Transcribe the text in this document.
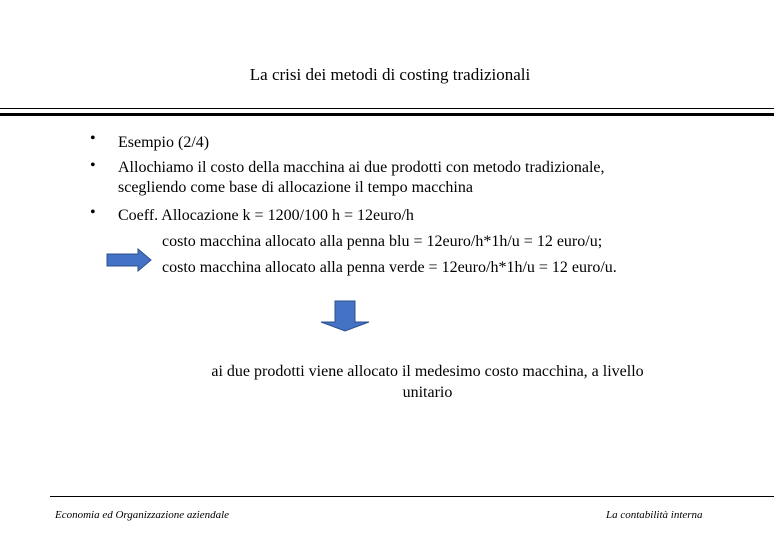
La crisi dei metodi di costing tradizionali
• Esempio (2/4)
• Allochiamo il costo della macchina ai due prodotti con metodo tradizionale,
scegliendo come base di allocazione il tempo macchina
• Coeff. Allocazione k = 1200/100 h = 12euro/h
costo macchina allocato alla penna blu = 12euro/h*1h/u = 12 euro/u;
costo macchina allocato alla penna verde = 12euro/h*1h/u = 12 euro/u.
ai due prodotti viene allocato il medesimo costo macchina, a livello
unitario
Economia ed Organizzazione aziendale	La contabilità interna
